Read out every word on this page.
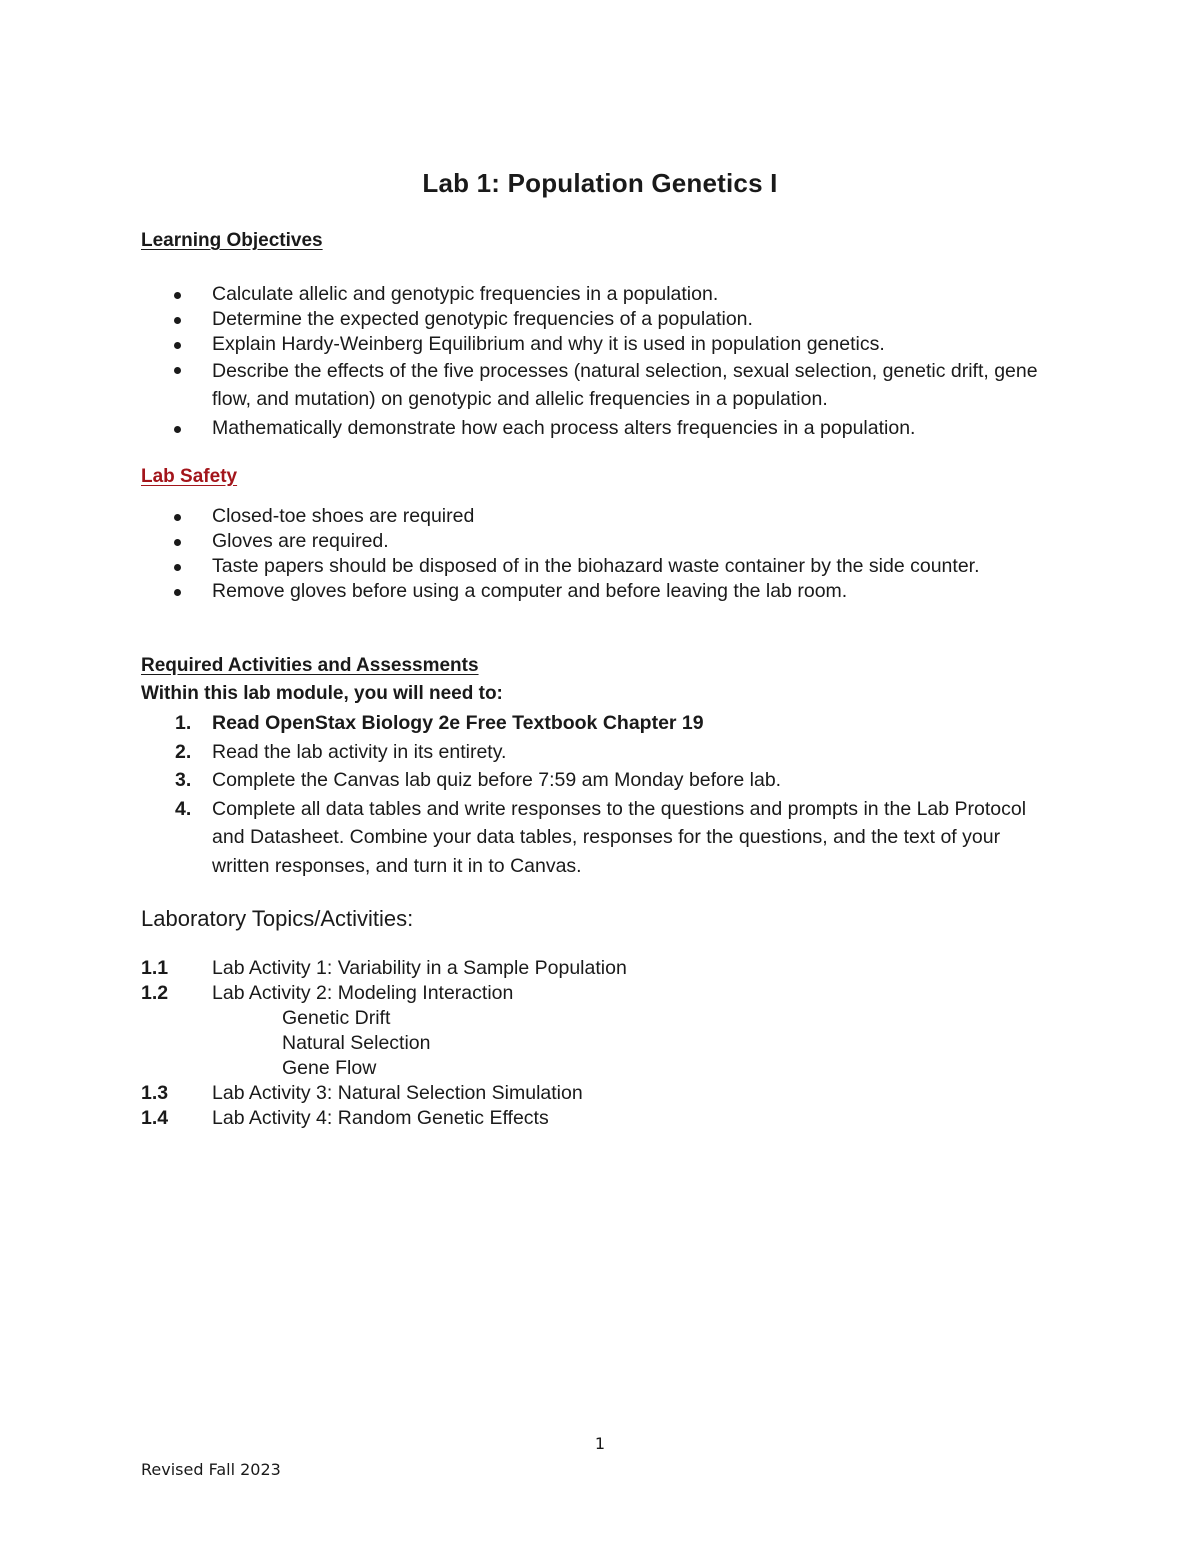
Lab 1: Population Genetics I
Learning Objectives
Calculate allelic and genotypic frequencies in a population.
Determine the expected genotypic frequencies of a population.
Explain Hardy-Weinberg Equilibrium and why it is used in population genetics.
Describe the effects of the five processes (natural selection, sexual selection, genetic drift, gene flow, and mutation) on genotypic and allelic frequencies in a population.
Mathematically demonstrate how each process alters frequencies in a population.
Lab Safety
Closed-toe shoes are required
Gloves are required.
Taste papers should be disposed of in the biohazard waste container by the side counter.
Remove gloves before using a computer and before leaving the lab room.
Required Activities and Assessments
Within this lab module, you will need to:
1. Read OpenStax Biology 2e Free Textbook Chapter 19
2. Read the lab activity in its entirety.
3. Complete the Canvas lab quiz before 7:59 am Monday before lab.
4. Complete all data tables and write responses to the questions and prompts in the Lab Protocol and Datasheet. Combine your data tables, responses for the questions, and the text of your written responses, and turn it in to Canvas.
Laboratory Topics/Activities:
1.1 Lab Activity 1: Variability in a Sample Population
1.2 Lab Activity 2: Modeling Interaction
Genetic Drift
Natural Selection
Gene Flow
1.3 Lab Activity 3: Natural Selection Simulation
1.4 Lab Activity 4: Random Genetic Effects
1
Revised Fall 2023
